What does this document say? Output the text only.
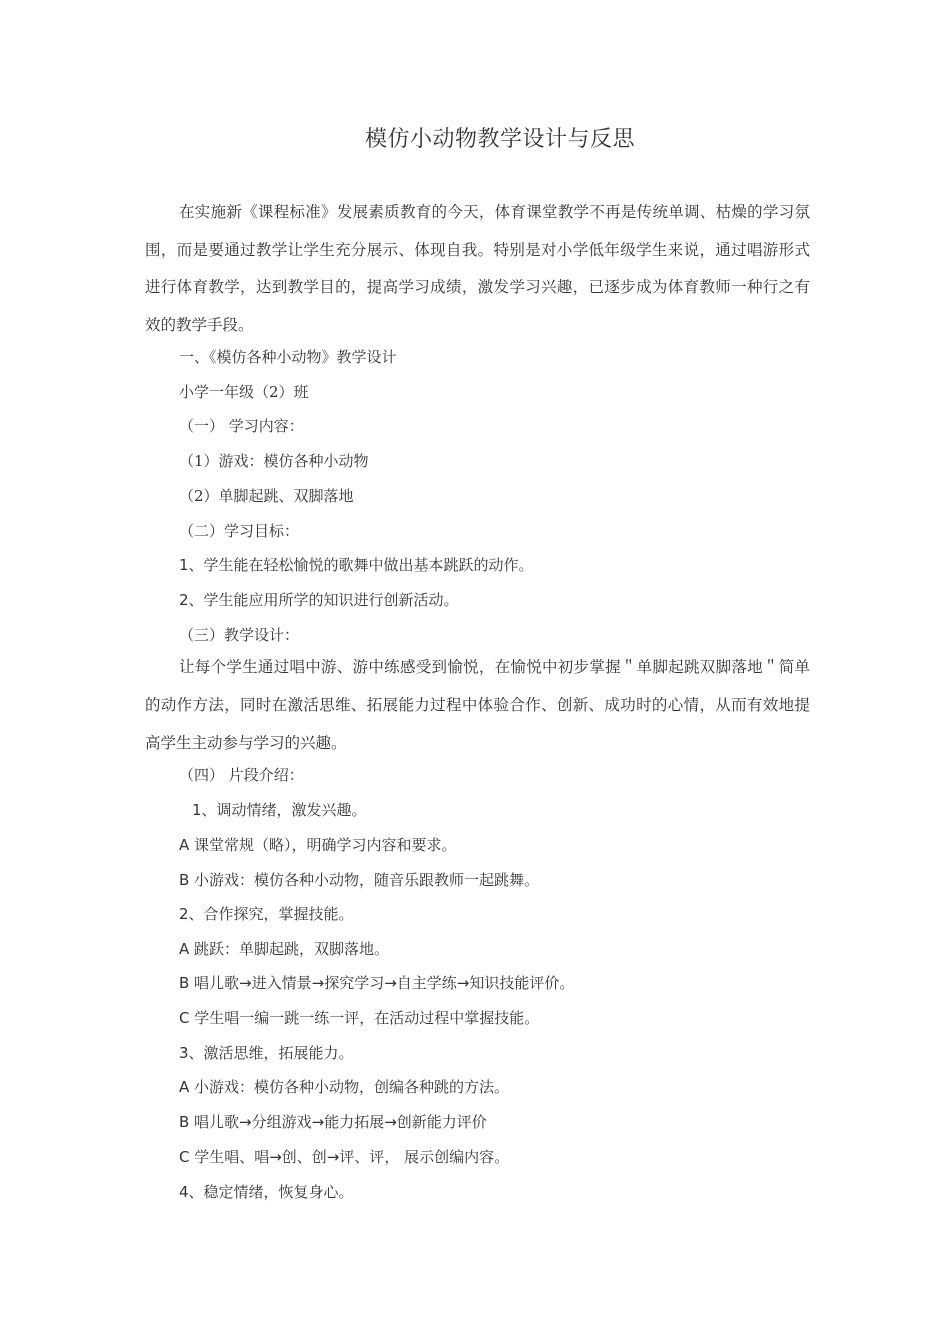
模仿小动物教学设计与反思
在实施新《课程标准》发展素质教育的今天，体育课堂教学不再是传统单调、枯燥的学习氛围，而是要通过教学让学生充分展示、体现自我。特别是对小学低年级学生来说，通过唱游形式进行体育教学，达到教学目的，提高学习成绩，激发学习兴趣，已逐步成为体育教师一种行之有效的教学手段。
一、《模仿各种小动物》教学设计
小学一年级（2）班
（一） 学习内容：
（1）游戏：模仿各种小动物
（2）单脚起跳、双脚落地
（二）学习目标：
1、学生能在轻松愉悦的歌舞中做出基本跳跃的动作。
2、学生能应用所学的知识进行创新活动。
（三）教学设计：
让每个学生通过唱中游、游中练感受到愉悦，在愉悦中初步掌握＂单脚起跳双脚落地＂简单的动作方法，同时在激活思维、拓展能力过程中体验合作、创新、成功时的心情，从而有效地提高学生主动参与学习的兴趣。
（四） 片段介绍：
1、调动情绪，激发兴趣。
A 课堂常规（略），明确学习内容和要求。
B 小游戏：模仿各种小动物，随音乐跟教师一起跳舞。
2、合作探究，掌握技能。
A 跳跃：单脚起跳，双脚落地。
B 唱儿歌→进入情景→探究学习→自主学练→知识技能评价。
C 学生唱一编一跳一练一评，在活动过程中掌握技能。
3、激活思维，拓展能力。
A 小游戏：模仿各种小动物，创编各种跳的方法。
B 唱儿歌→分组游戏→能力拓展→创新能力评价
C 学生唱、唱→创、创→评、评， 展示创编内容。
4、稳定情绪，恢复身心。
